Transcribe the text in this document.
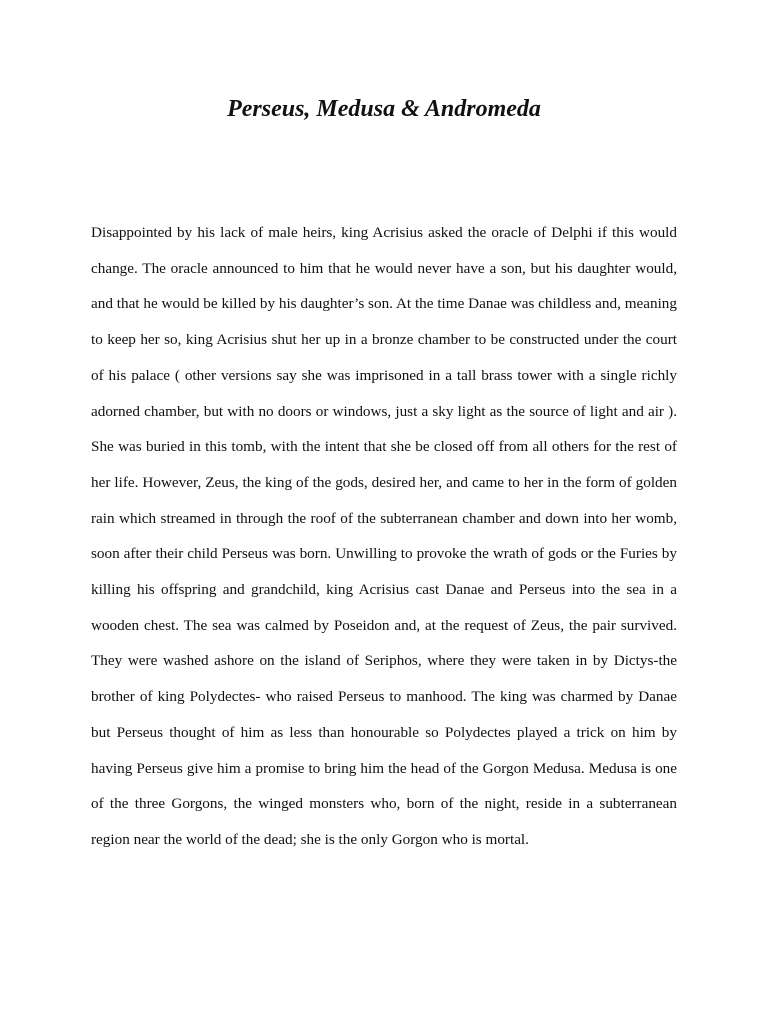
Perseus, Medusa & Andromeda

Disappointed by his lack of male heirs, king Acrisius asked the oracle of Delphi if this would change. The oracle announced to him that he would never have a son, but his daughter would, and that he would be killed by his daughter’s son. At the time Danae was childless and, meaning to keep her so, king Acrisius shut her up in a bronze chamber to be constructed under the court of his palace ( other versions say she was imprisoned in a tall brass tower with a single richly adorned chamber, but with no doors or windows, just a sky light as the source of light and air ). She was buried in this tomb, with the intent that she be closed off from all others for the rest of her life. However, Zeus, the king of the gods, desired her, and came to her in the form of golden rain which streamed in through the roof of the subterranean chamber and down into her womb, soon after their child Perseus was born. Unwilling to provoke the wrath of gods or the Furies by killing his offspring and grandchild, king Acrisius cast Danae and Perseus into the sea in a wooden chest. The sea was calmed by Poseidon and, at the request of Zeus, the pair survived. They were washed ashore on the island of Seriphos, where they were taken in by Dictys-the brother of king Polydectes- who raised Perseus to manhood. The king was charmed by Danae but Perseus thought of him as less than honourable so Polydectes played a trick on him by having Perseus give him a promise to bring him the head of the Gorgon Medusa. Medusa is one of the three Gorgons, the winged monsters who, born of the night, reside in a subterranean region near the world of the dead; she is the only Gorgon who is mortal.
